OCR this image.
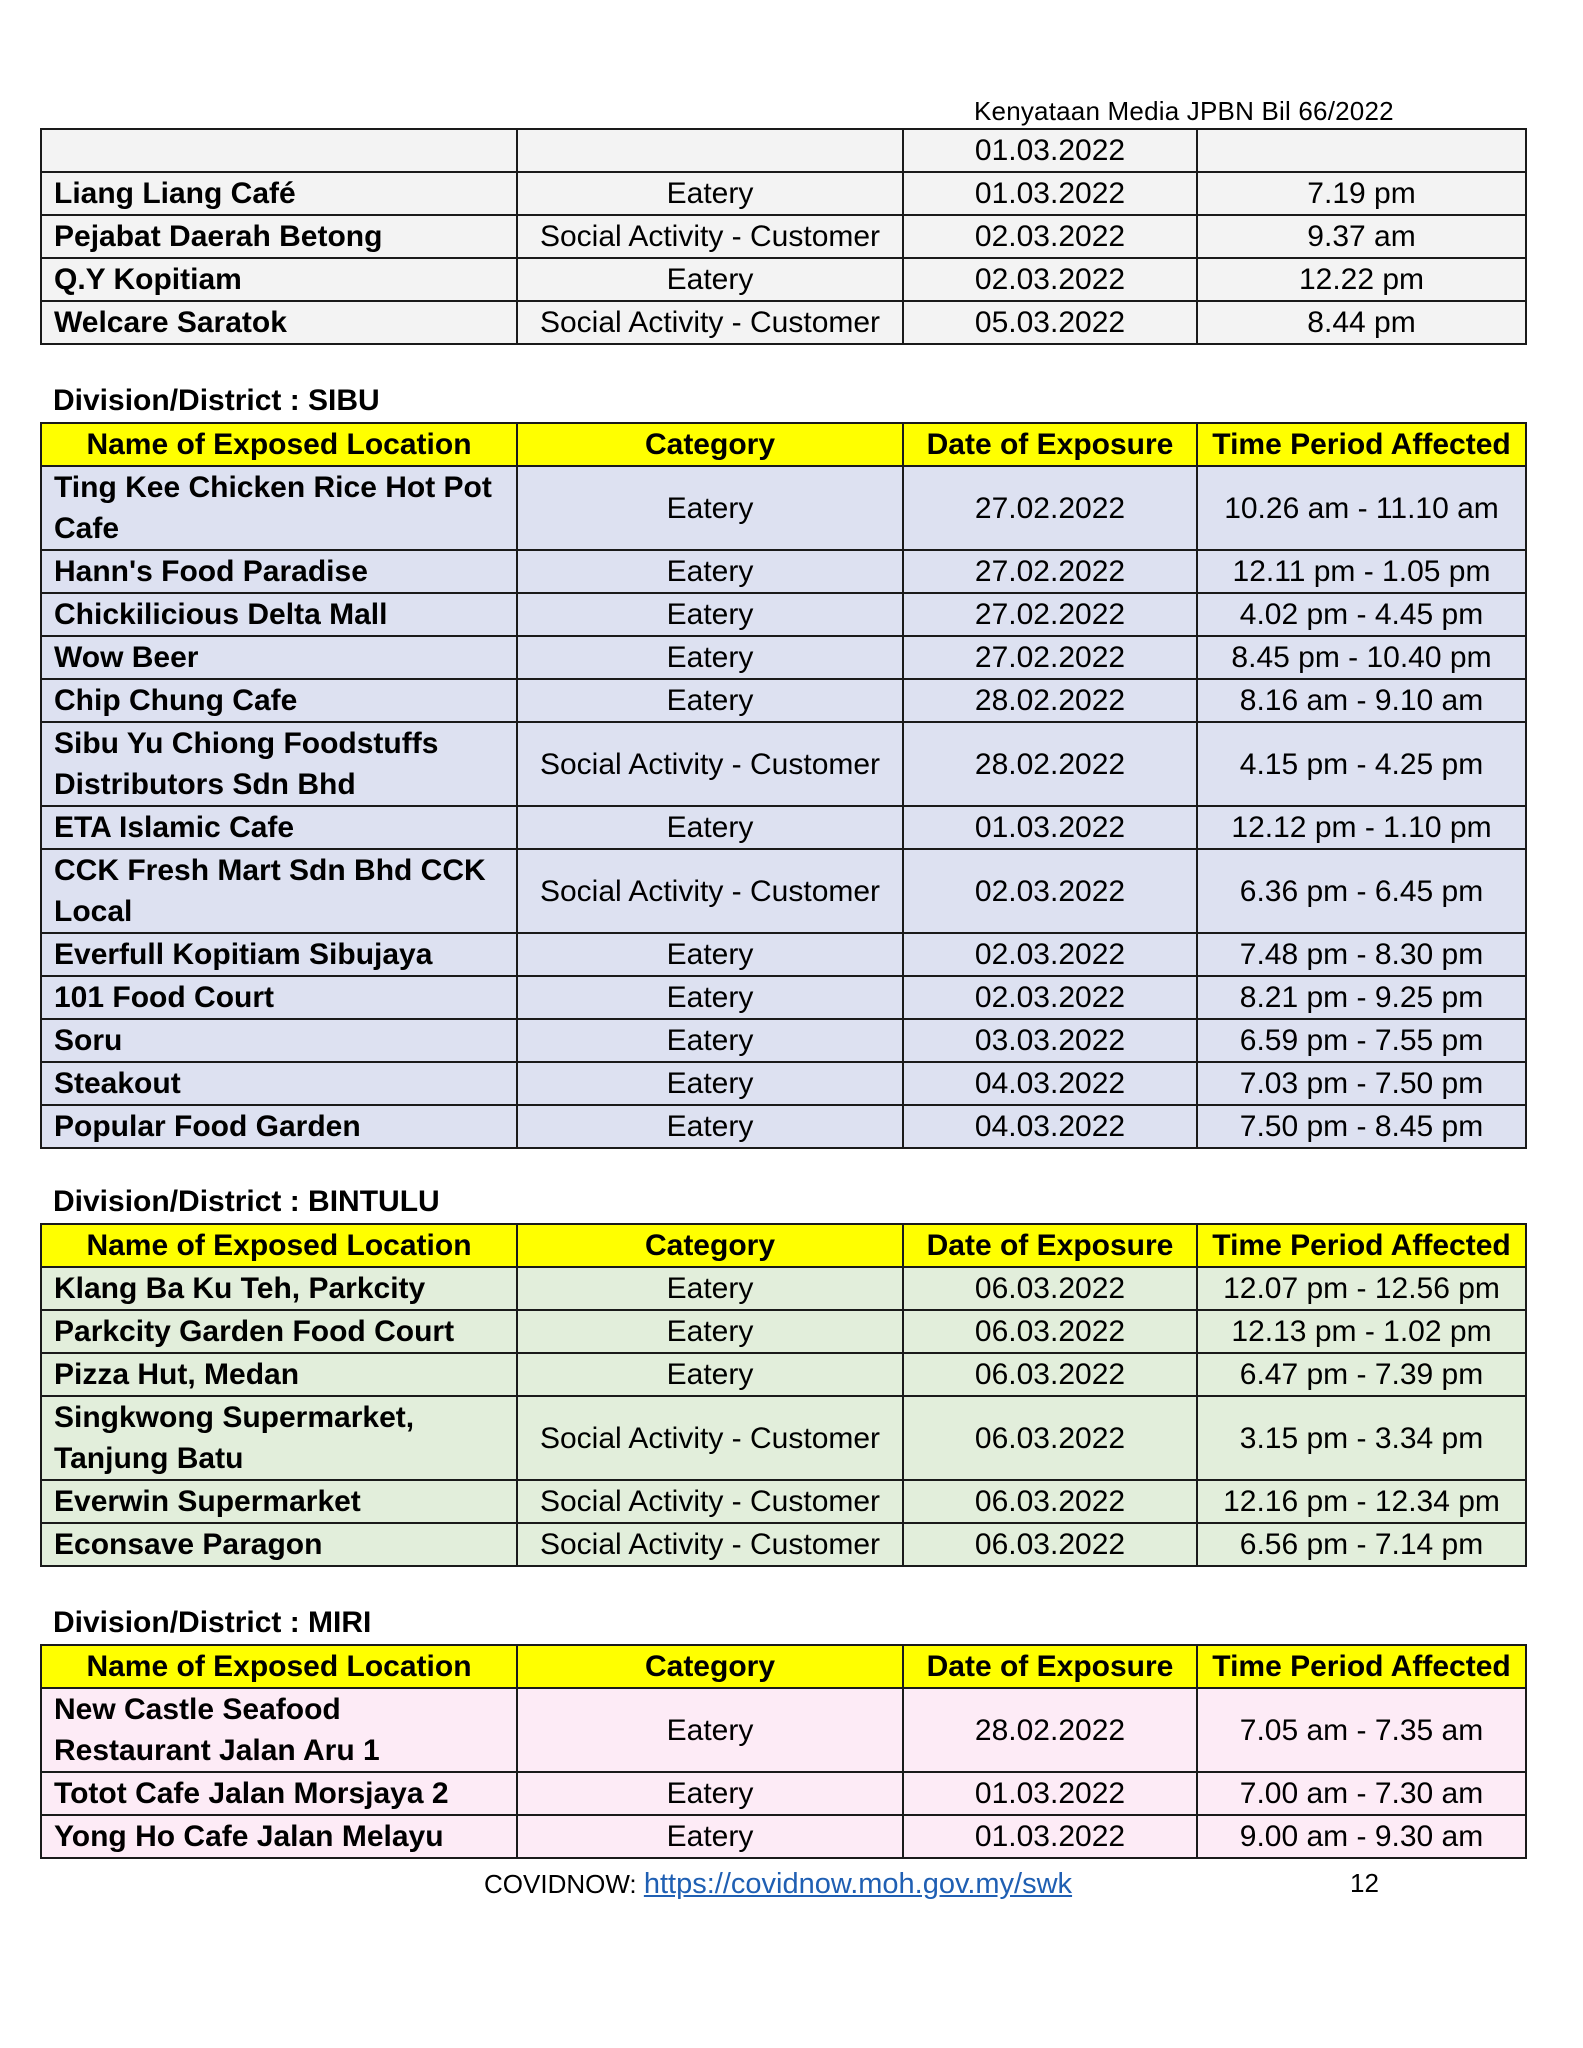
Kenyataan Media JPBN Bil 66/2022
		01.03.2022	
Liang Liang Café	Eatery	01.03.2022	7.19 pm
Pejabat Daerah Betong	Social Activity - Customer	02.03.2022	9.37 am
Q.Y Kopitiam	Eatery	02.03.2022	12.22 pm
Welcare Saratok	Social Activity - Customer	05.03.2022	8.44 pm
Division/District : SIBU
Name of Exposed Location	Category	Date of Exposure	Time Period Affected
Ting Kee Chicken Rice Hot Pot Cafe	Eatery	27.02.2022	10.26 am - 11.10 am
Hann's Food Paradise	Eatery	27.02.2022	12.11 pm - 1.05 pm
Chickilicious Delta Mall	Eatery	27.02.2022	4.02 pm - 4.45 pm
Wow Beer	Eatery	27.02.2022	8.45 pm - 10.40 pm
Chip Chung Cafe	Eatery	28.02.2022	8.16 am - 9.10 am
Sibu Yu Chiong Foodstuffs Distributors Sdn Bhd	Social Activity - Customer	28.02.2022	4.15 pm - 4.25 pm
ETA Islamic Cafe	Eatery	01.03.2022	12.12 pm - 1.10 pm
CCK Fresh Mart Sdn Bhd CCK Local	Social Activity - Customer	02.03.2022	6.36 pm - 6.45 pm
Everfull Kopitiam Sibujaya	Eatery	02.03.2022	7.48 pm - 8.30 pm
101 Food Court	Eatery	02.03.2022	8.21 pm - 9.25 pm
Soru	Eatery	03.03.2022	6.59 pm - 7.55 pm
Steakout	Eatery	04.03.2022	7.03 pm - 7.50 pm
Popular Food Garden	Eatery	04.03.2022	7.50 pm - 8.45 pm
Division/District : BINTULU
Name of Exposed Location	Category	Date of Exposure	Time Period Affected
Klang Ba Ku Teh, Parkcity	Eatery	06.03.2022	12.07 pm - 12.56 pm
Parkcity Garden Food Court	Eatery	06.03.2022	12.13 pm - 1.02 pm
Pizza Hut, Medan	Eatery	06.03.2022	6.47 pm - 7.39 pm
Singkwong Supermarket, Tanjung Batu	Social Activity - Customer	06.03.2022	3.15 pm - 3.34 pm
Everwin Supermarket	Social Activity - Customer	06.03.2022	12.16 pm - 12.34 pm
Econsave Paragon	Social Activity - Customer	06.03.2022	6.56 pm - 7.14 pm
Division/District : MIRI
Name of Exposed Location	Category	Date of Exposure	Time Period Affected
New Castle Seafood Restaurant Jalan Aru 1	Eatery	28.02.2022	7.05 am - 7.35 am
Totot Cafe Jalan Morsjaya 2	Eatery	01.03.2022	7.00 am - 7.30 am
Yong Ho Cafe Jalan Melayu	Eatery	01.03.2022	9.00 am - 9.30 am
COVIDNOW: https://covidnow.moh.gov.my/swk	12
